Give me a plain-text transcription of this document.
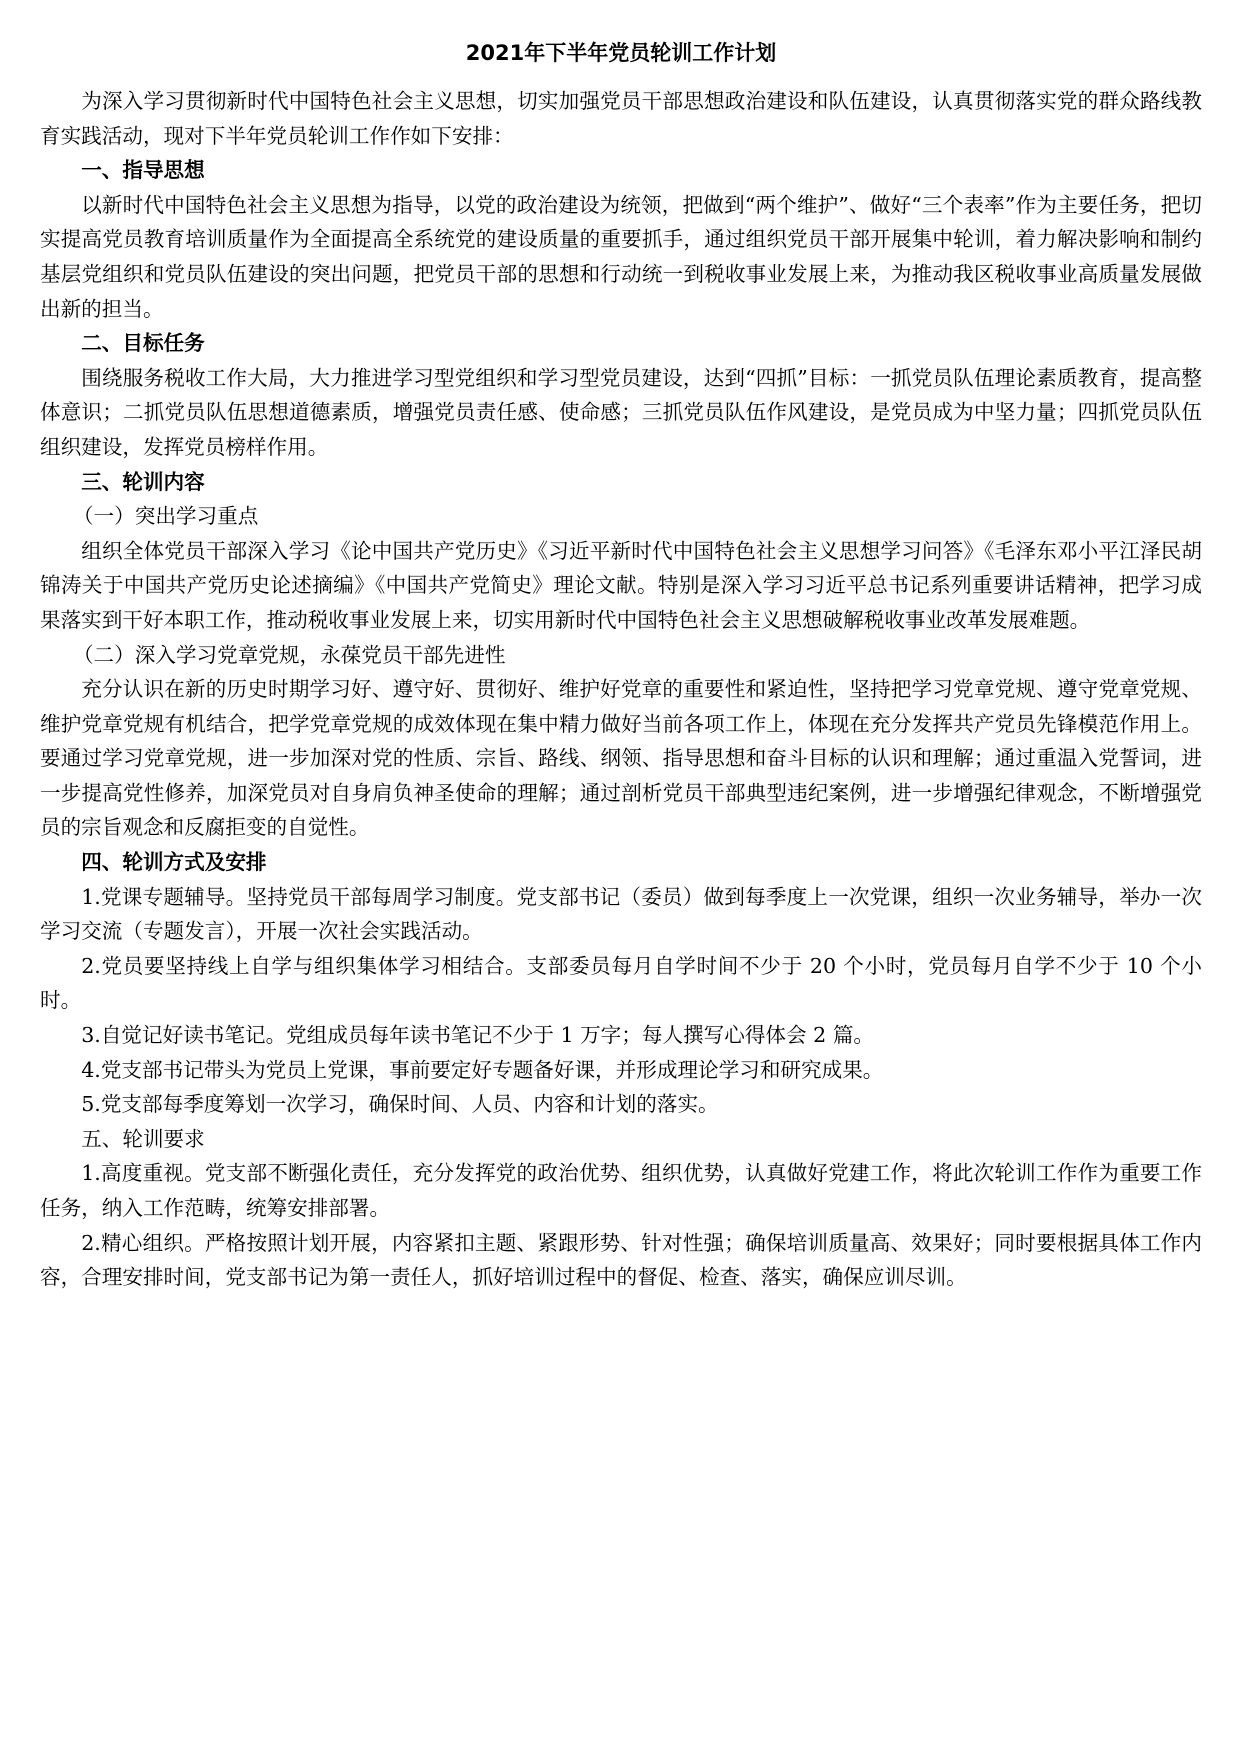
2021年下半年党员轮训工作计划

为深入学习贯彻新时代中国特色社会主义思想，切实加强党员干部思想政治建设和队伍建设，认真贯彻落实党的群众路线教育实践活动，现对下半年党员轮训工作作如下安排：

一、指导思想

以新时代中国特色社会主义思想为指导，以党的政治建设为统领，把做到“两个维护”、做好“三个表率”作为主要任务，把切实提高党员教育培训质量作为全面提高全系统党的建设质量的重要抓手，通过组织党员干部开展集中轮训，着力解决影响和制约基层党组织和党员队伍建设的突出问题，把党员干部的思想和行动统一到税收事业发展上来，为推动我区税收事业高质量发展做出新的担当。

二、目标任务

围绕服务税收工作大局，大力推进学习型党组织和学习型党员建设，达到“四抓”目标：一抓党员队伍理论素质教育，提高整体意识；二抓党员队伍思想道德素质，增强党员责任感、使命感；三抓党员队伍作风建设，是党员成为中坚力量；四抓党员队伍组织建设，发挥党员榜样作用。

三、轮训内容
（一）突出学习重点

组织全体党员干部深入学习《论中国共产党历史》《习近平新时代中国特色社会主义思想学习问答》《毛泽东邓小平江泽民胡锦涛关于中国共产党历史论述摘编》《中国共产党简史》理论文献。特别是深入学习习近平总书记系列重要讲话精神，把学习成果落实到干好本职工作，推动税收事业发展上来，切实用新时代中国特色社会主义思想破解税收事业改革发展难题。

（二）深入学习党章党规，永葆党员干部先进性

充分认识在新的历史时期学习好、遵守好、贯彻好、维护好党章的重要性和紧迫性，坚持把学习党章党规、遵守党章党规、维护党章党规有机结合，把学党章党规的成效体现在集中精力做好当前各项工作上，体现在充分发挥共产党员先锋模范作用上。要通过学习党章党规，进一步加深对党的性质、宗旨、路线、纲领、指导思想和奋斗目标的认识和理解；通过重温入党誓词，进一步提高党性修养，加深党员对自身肩负神圣使命的理解；通过剖析党员干部典型违纪案例，进一步增强纪律观念，不断增强党员的宗旨观念和反腐拒变的自觉性。

四、轮训方式及安排

1.党课专题辅导。坚持党员干部每周学习制度。党支部书记（委员）做到每季度上一次党课，组织一次业务辅导，举办一次学习交流（专题发言），开展一次社会实践活动。

2.党员要坚持线上自学与组织集体学习相结合。支部委员每月自学时间不少于 20 个小时，党员每月自学不少于 10 个小时。

3.自觉记好读书笔记。党组成员每年读书笔记不少于 1 万字；每人撰写心得体会 2 篇。

4.党支部书记带头为党员上党课，事前要定好专题备好课，并形成理论学习和研究成果。

5.党支部每季度筹划一次学习，确保时间、人员、内容和计划的落实。

五、轮训要求

1.高度重视。党支部不断强化责任，充分发挥党的政治优势、组织优势，认真做好党建工作，将此次轮训工作作为重要工作任务，纳入工作范畴，统筹安排部署。

2.精心组织。严格按照计划开展，内容紧扣主题、紧跟形势、针对性强；确保培训质量高、效果好；同时要根据具体工作内容，合理安排时间，党支部书记为第一责任人，抓好培训过程中的督促、检查、落实，确保应训尽训。
